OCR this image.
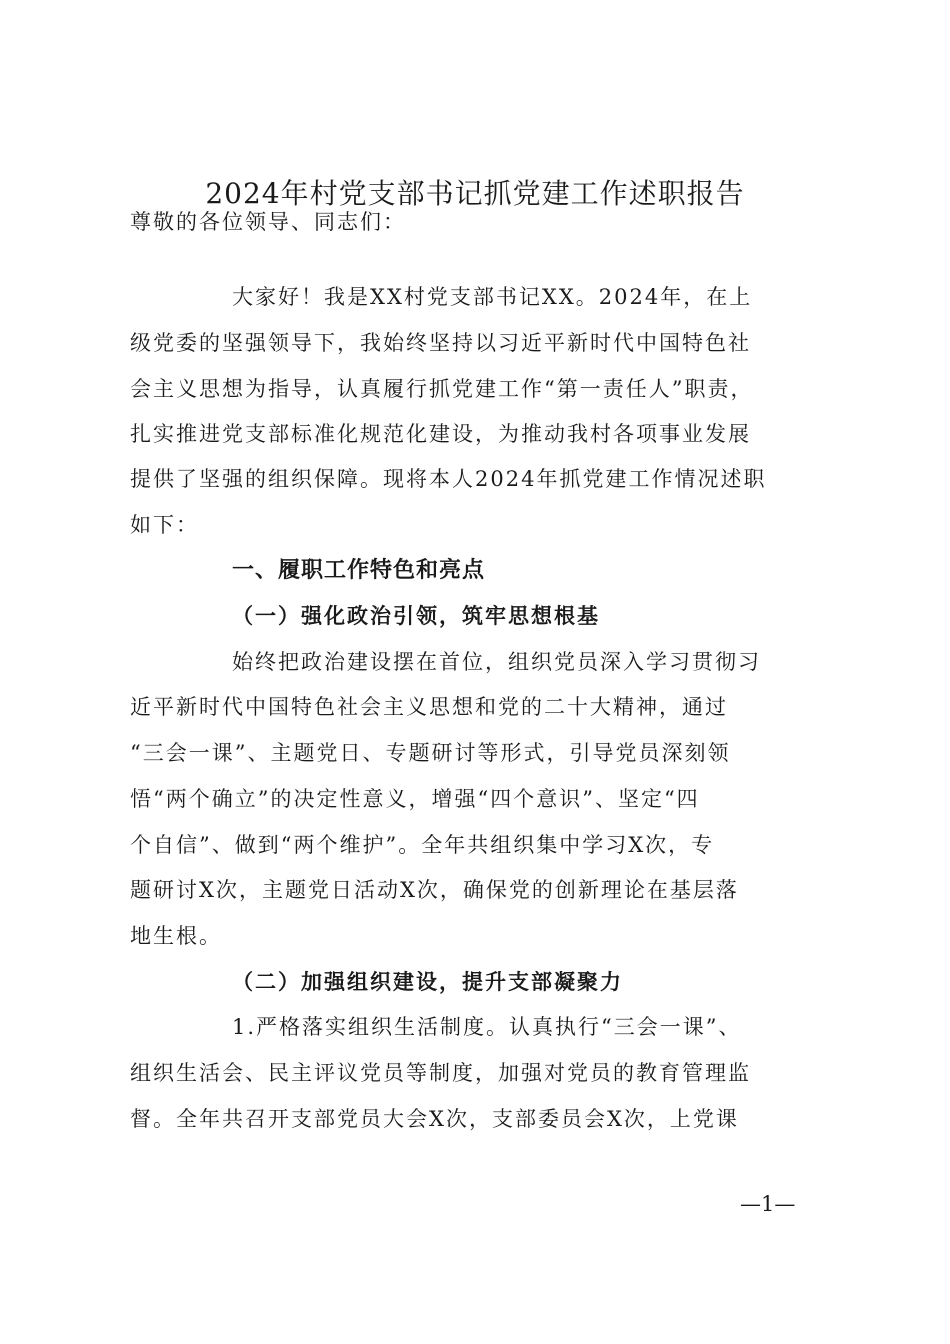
2024年村党支部书记抓党建工作述职报告
尊敬的各位领导、同志们：
大家好！我是XX村党支部书记XX。2024年，在上
级党委的坚强领导下，我始终坚持以习近平新时代中国特色社
会主义思想为指导，认真履行抓党建工作“第一责任人”职责，
扎实推进党支部标准化规范化建设，为推动我村各项事业发展
提供了坚强的组织保障。现将本人2024年抓党建工作情况述职
如下：
一、履职工作特色和亮点
（一）强化政治引领，筑牢思想根基
始终把政治建设摆在首位，组织党员深入学习贯彻习
近平新时代中国特色社会主义思想和党的二十大精神，通过
“三会一课”、主题党日、专题研讨等形式，引导党员深刻领
悟“两个确立”的决定性意义，增强“四个意识”、坚定“四
个自信”、做到“两个维护”。全年共组织集中学习X次，专
题研讨X次，主题党日活动X次，确保党的创新理论在基层落
地生根。
（二）加强组织建设，提升支部凝聚力
1.严格落实组织生活制度。认真执行“三会一课”、
组织生活会、民主评议党员等制度，加强对党员的教育管理监
督。全年共召开支部党员大会X次，支部委员会X次，上党课
—1—
